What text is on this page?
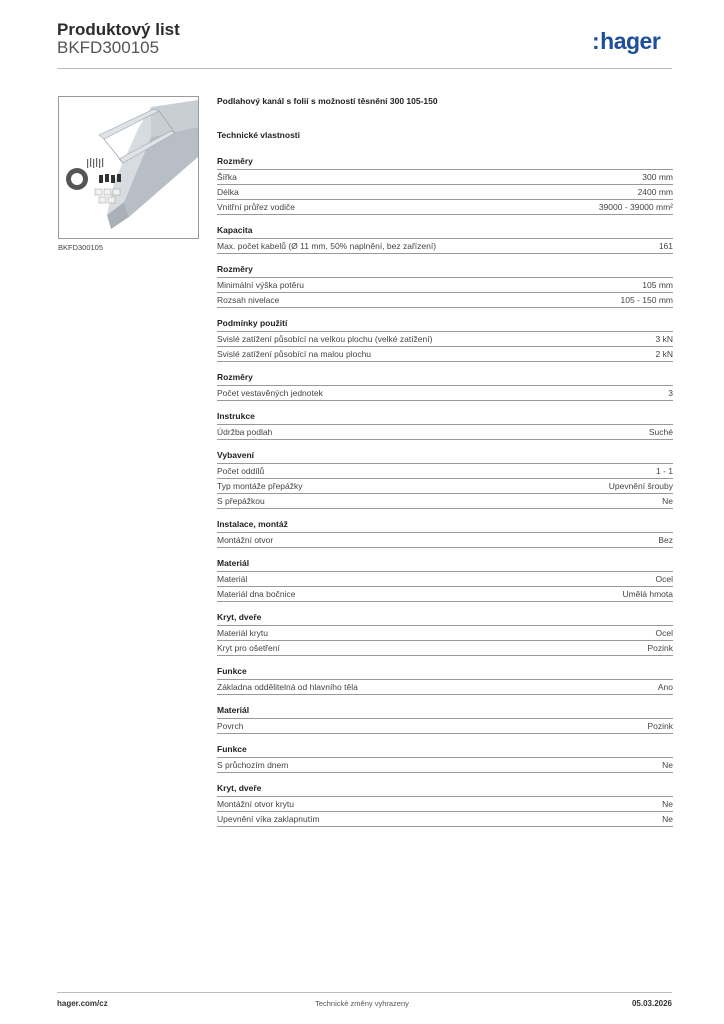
Produktový list
BKFD300105	:hager
BKFD300105
Podlahový kanál s folií s možností těsnění 300 105-150
Technické vlastnosti
Rozměry
Šířka	300 mm
Délka	2400 mm
Vnitřní průřez vodiče	39000 - 39000 mm²
Kapacita
Max. počet kabelů (Ø 11 mm, 50% naplnění, bez zařízení)	161
Rozměry
Minimální výška potěru	105 mm
Rozsah nivelace	105 - 150 mm
Podmínky použití
Svislé zatížení působící na velkou plochu (velké zatížení)	3 kN
Svislé zatížení působící na malou plochu	2 kN
Rozměry
Počet vestavěných jednotek	3
Instrukce
Údržba podlah	Suché
Vybavení
Počet oddílů	1 - 1
Typ montáže přepážky	Upevnění šrouby
S přepážkou	Ne
Instalace, montáž
Montážní otvor	Bez
Materiál
Materiál	Ocel
Materiál dna bočnice	Umělá hmota
Kryt, dveře
Materiál krytu	Ocel
Kryt pro ošetření	Pozink
Funkce
Základna oddělitelná od hlavního těla	Ano
Materiál
Povrch	Pozink
Funkce
S průchozím dnem	Ne
Kryt, dveře
Montážní otvor krytu	Ne
Upevnění víka zaklapnutím	Ne
hager.com/cz	Technické změny vyhrazeny	05.03.2026
